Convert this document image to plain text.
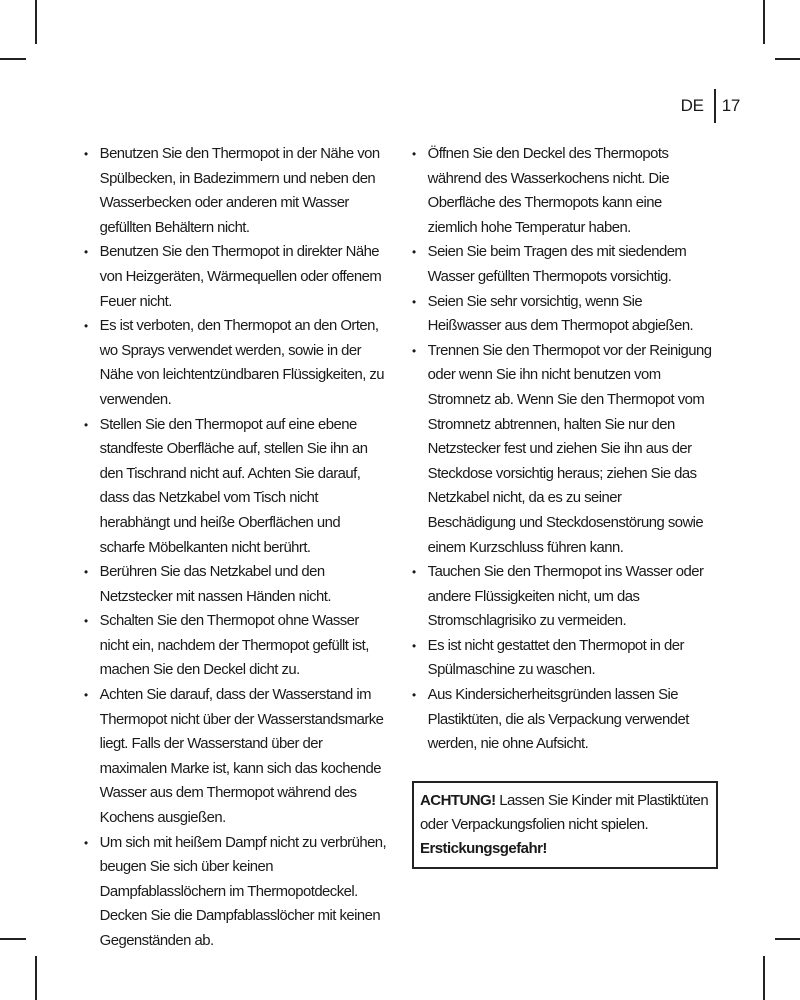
DE 17
• Benutzen Sie den Thermopot in der Nähe von Spülbecken, in Badezimmern und neben den Wasserbecken oder anderen mit Wasser gefüllten Behältern nicht.
• Benutzen Sie den Thermopot in direkter Nähe von Heizgeräten, Wärmequellen oder offenem Feuer nicht.
• Es ist verboten, den Thermopot an den Orten, wo Sprays verwendet werden, sowie in der Nähe von leichtentzündbaren Flüssigkeiten, zu verwenden.
• Stellen Sie den Thermopot auf eine ebene standfeste Oberfläche auf, stellen Sie ihn an den Tischrand nicht auf. Achten Sie darauf, dass das Netzkabel vom Tisch nicht herabhängt und heiße Oberflächen und scharfe Möbelkanten nicht berührt.
• Berühren Sie das Netzkabel und den Netzstecker mit nassen Händen nicht.
• Schalten Sie den Thermopot ohne Wasser nicht ein, nachdem der Thermopot gefüllt ist, machen Sie den Deckel dicht zu.
• Achten Sie darauf, dass der Wasserstand im Thermopot nicht über der Wasserstandsmarke liegt. Falls der Wasserstand über der maximalen Marke ist, kann sich das kochende Wasser aus dem Thermopot während des Kochens ausgießen.
• Um sich mit heißem Dampf nicht zu verbrühen, beugen Sie sich über keinen Dampfablasslöchern im Thermopotdeckel. Decken Sie die Dampfablasslöcher mit keinen Gegenständen ab.
• Öffnen Sie den Deckel des Thermopots während des Wasserkochens nicht. Die Oberfläche des Thermopots kann eine ziemlich hohe Temperatur haben.
• Seien Sie beim Tragen des mit siedendem Wasser gefüllten Thermopots vorsichtig.
• Seien Sie sehr vorsichtig, wenn Sie Heißwasser aus dem Thermopot abgießen.
• Trennen Sie den Thermopot vor der Reinigung oder wenn Sie ihn nicht benutzen vom Stromnetz ab. Wenn Sie den Thermopot vom Stromnetz abtrennen, halten Sie nur den Netzstecker fest und ziehen Sie ihn aus der Steckdose vorsichtig heraus; ziehen Sie das Netzkabel nicht, da es zu seiner Beschädigung und Steckdosenstörung sowie einem Kurzschluss führen kann.
• Tauchen Sie den Thermopot ins Wasser oder andere Flüssigkeiten nicht, um das Stromschlagrisiko zu vermeiden.
• Es ist nicht gestattet den Thermopot in der Spülmaschine zu waschen.
• Aus Kindersicherheitsgründen lassen Sie Plastiktüten, die als Verpackung verwendet werden, nie ohne Aufsicht.
ACHTUNG! Lassen Sie Kinder mit Plastiktüten oder Verpackungsfolien nicht spielen. Erstickungsgefahr!
